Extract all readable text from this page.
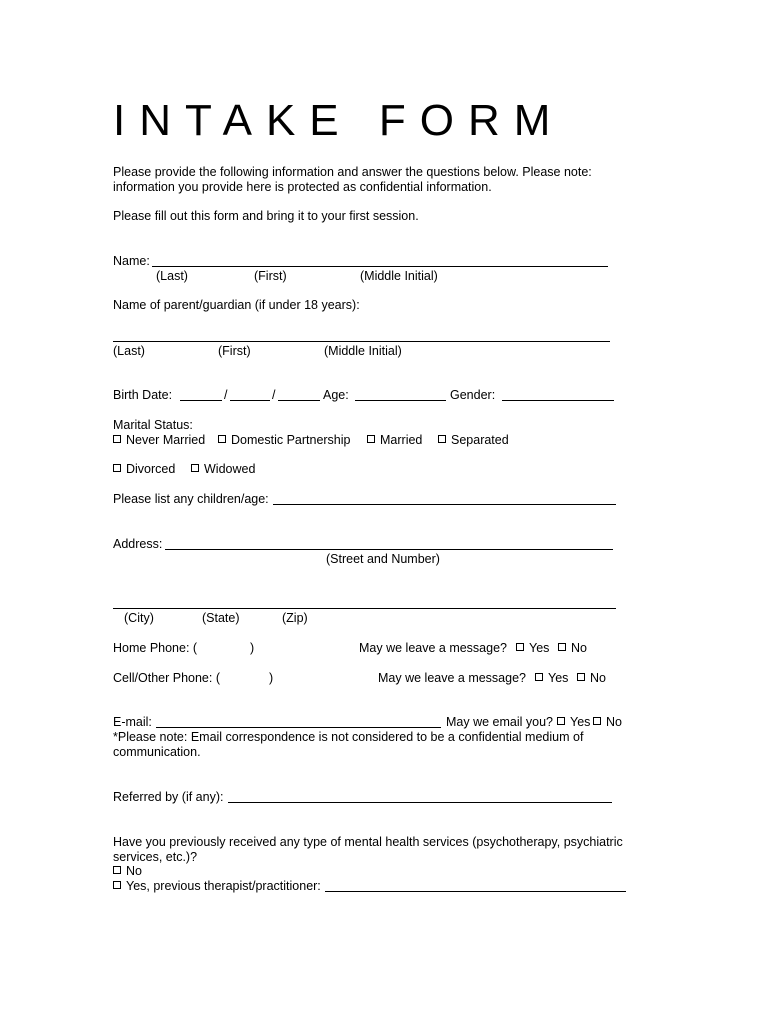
INTAKE FORM
Please provide the following information and answer the questions below. Please note:
information you provide here is protected as confidential information.
Please fill out this form and bring it to your first session.
Name:
(Last)	(First)	(Middle Initial)
Name of parent/guardian (if under 18 years):
(Last)	(First)	(Middle Initial)
Birth Date:	/	/	Age:	Gender:
Marital Status:
Never Married	Domestic Partnership	Married	Separated
Divorced	Widowed
Please list any children/age:
Address:
(Street and Number)
(City)	(State)	(Zip)
Home Phone: (	)	May we leave a message?	Yes	No
Cell/Other Phone: (	)	May we leave a message?	Yes	No
E-mail:	May we email you?	Yes	No
*Please note: Email correspondence is not considered to be a confidential medium of
communication.
Referred by (if any):
Have you previously received any type of mental health services (psychotherapy, psychiatric
services, etc.)?
No
Yes, previous therapist/practitioner:
